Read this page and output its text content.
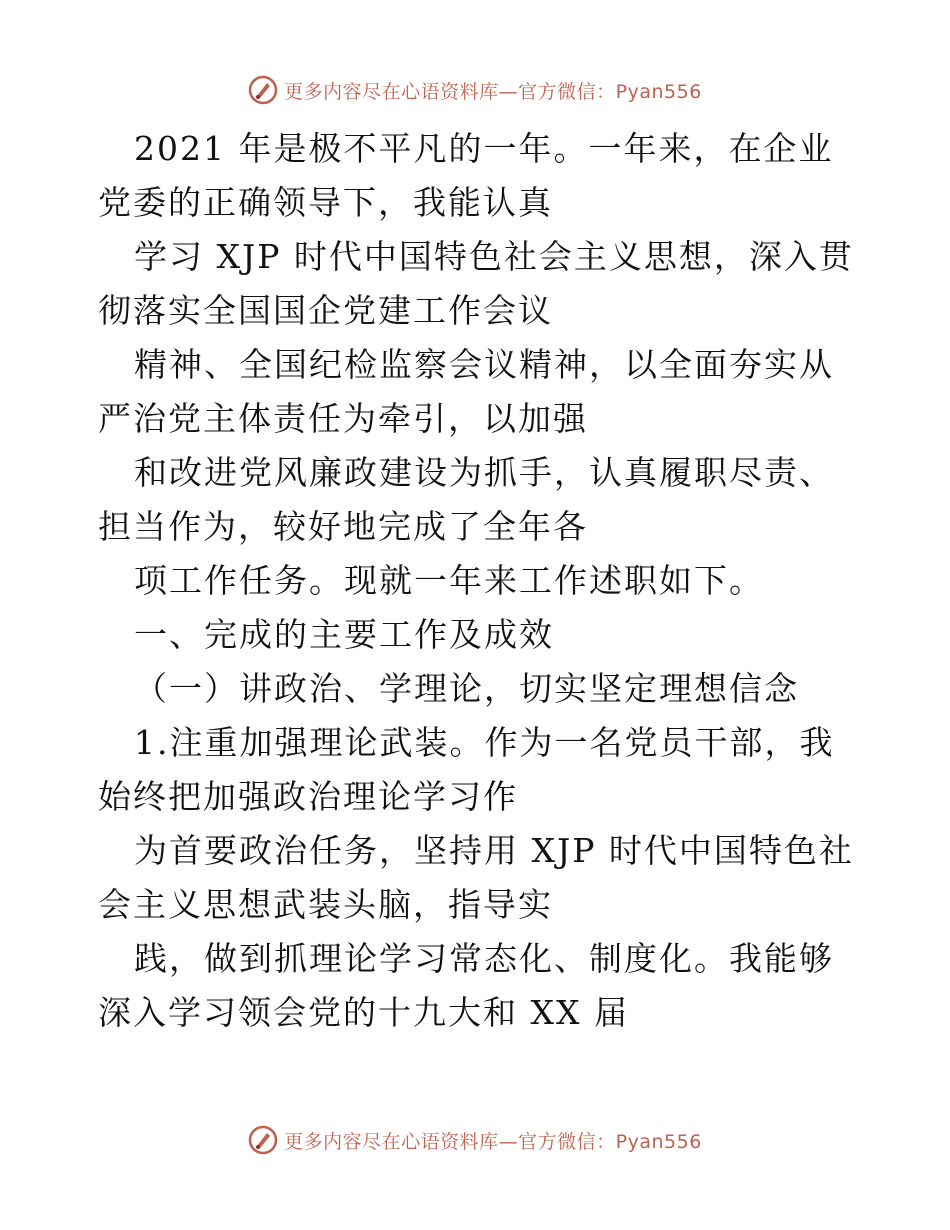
更多内容尽在心语资料库—官方微信：Pyan556

2021 年是极不平凡的一年。一年来，在企业党委的正确领导下，我能认真

学习 XJP 时代中国特色社会主义思想，深入贯彻落实全国国企党建工作会议

精神、全国纪检监察会议精神，以全面夯实从严治党主体责任为牵引，以加强

和改进党风廉政建设为抓手，认真履职尽责、担当作为，较好地完成了全年各

项工作任务。现就一年来工作述职如下。

一、完成的主要工作及成效

（一）讲政治、学理论，切实坚定理想信念

1.注重加强理论武装。作为一名党员干部，我始终把加强政治理论学习作

为首要政治任务，坚持用 XJP 时代中国特色社会主义思想武装头脑，指导实

践，做到抓理论学习常态化、制度化。我能够深入学习领会党的十九大和 XX 届

更多内容尽在心语资料库—官方微信：Pyan556
